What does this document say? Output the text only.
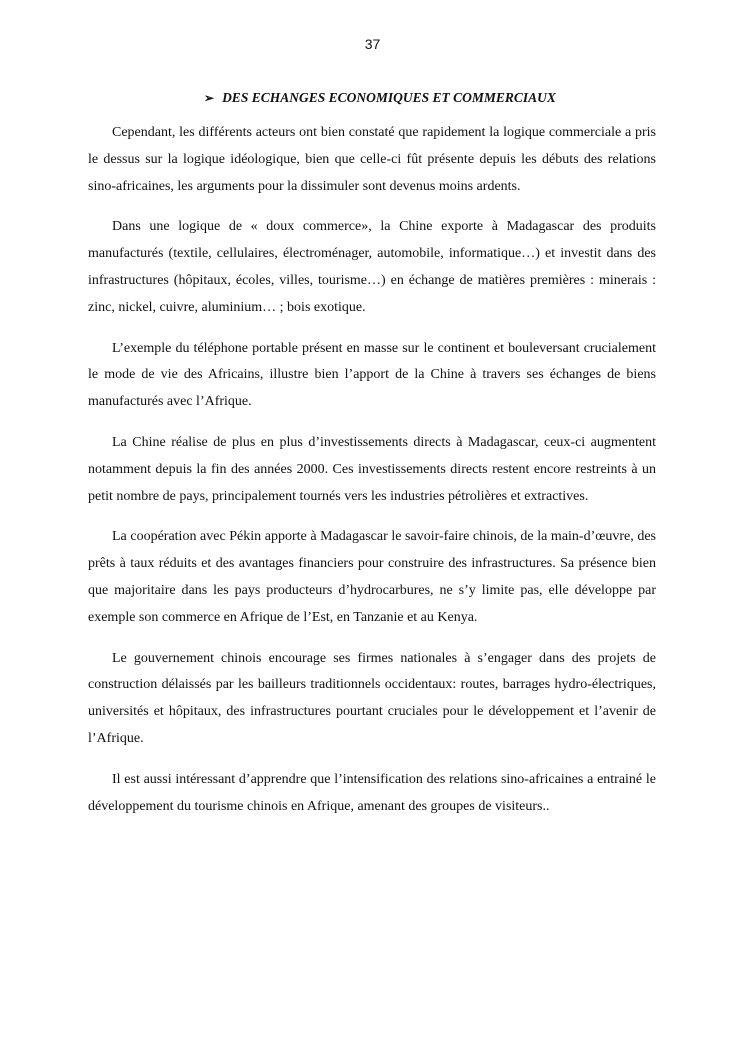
37
➢ DES ECHANGES ECONOMIQUES ET COMMERCIAUX

Cependant, les différents acteurs ont bien constaté que rapidement la logique commerciale a pris le dessus sur la logique idéologique, bien que celle-ci fût présente depuis les débuts des relations sino-africaines, les arguments pour la dissimuler sont devenus moins ardents.

Dans une logique de « doux commerce», la Chine exporte à Madagascar des produits manufacturés (textile, cellulaires, électroménager, automobile, informatique…) et investit dans des infrastructures (hôpitaux, écoles, villes, tourisme…) en échange de matières premières : minerais : zinc, nickel, cuivre, aluminium… ; bois exotique.

L’exemple du téléphone portable présent en masse sur le continent et bouleversant crucialement le mode de vie des Africains, illustre bien l’apport de la Chine à travers ses échanges de biens manufacturés avec l’Afrique.

La Chine réalise de plus en plus d’investissements directs à Madagascar, ceux-ci augmentent notamment depuis la fin des années 2000. Ces investissements directs restent encore restreints à un petit nombre de pays, principalement tournés vers les industries pétrolières et extractives.

La coopération avec Pékin apporte à Madagascar le savoir-faire chinois, de la main-d’œuvre, des prêts à taux réduits et des avantages financiers pour construire des infrastructures. Sa présence bien que majoritaire dans les pays producteurs d’hydrocarbures, ne s’y limite pas, elle développe par exemple son commerce en Afrique de l’Est, en Tanzanie et au Kenya.

Le gouvernement chinois encourage ses firmes nationales à s’engager dans des projets de construction délaissés par les bailleurs traditionnels occidentaux: routes, barrages hydro-électriques, universités et hôpitaux, des infrastructures pourtant cruciales pour le développement et l’avenir de l’Afrique.

Il est aussi intéressant d’apprendre que l’intensification des relations sino-africaines a entrainé le développement du tourisme chinois en Afrique, amenant des groupes de visiteurs..
